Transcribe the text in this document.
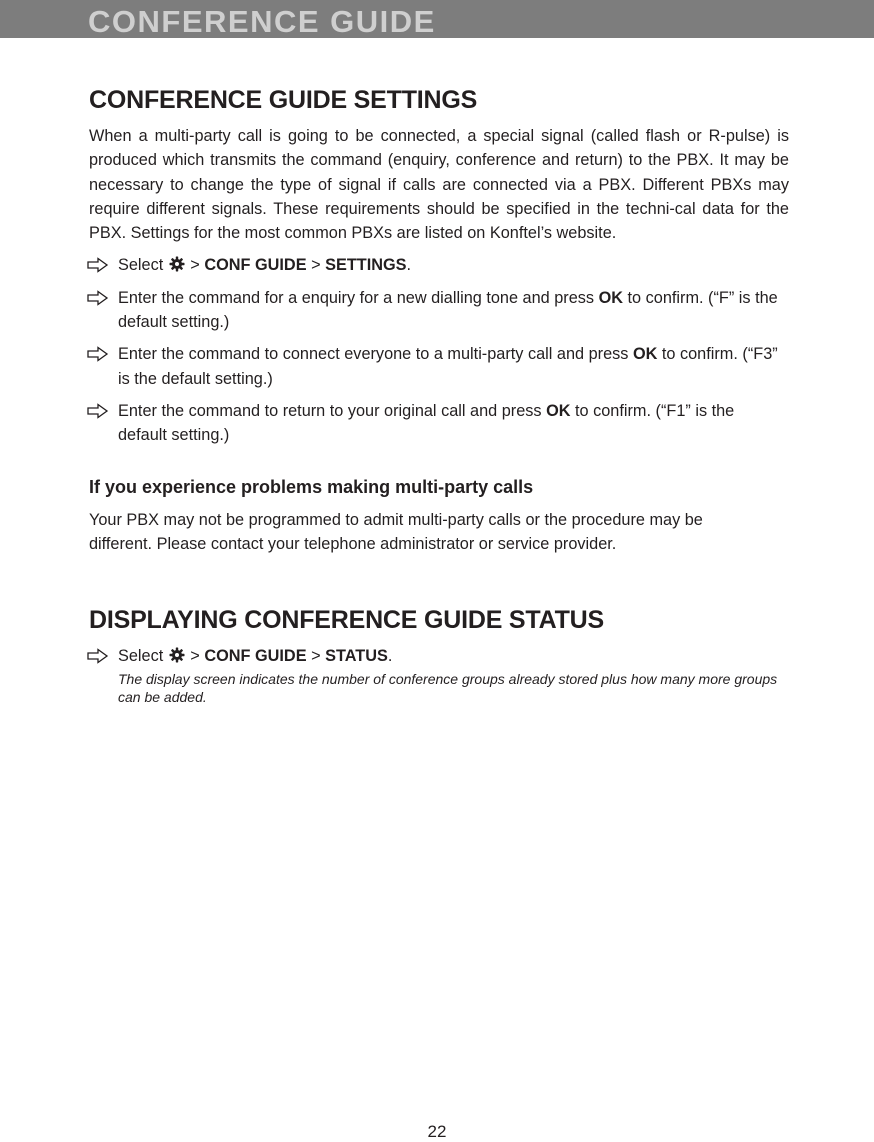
CONFERENCE GUIDE
CONFERENCE GUIDE SETTINGS

When a multi-party call is going to be connected, a special signal (called flash or R-pulse) is produced which transmits the command (enquiry, conference and return) to the PBX. It may be necessary to change the type of signal if calls are connected via a PBX. Different PBXs may require different signals. These requirements should be specified in the techni-cal data for the PBX. Settings for the most common PBXs are listed on Konftel’s website.

Select  > CONF GUIDE > SETTINGS.
Enter the command for a enquiry for a new dialling tone and press OK to confirm. (“F” is the default setting.)
Enter the command to connect everyone to a multi-party call and press OK to confirm. (“F3” is the default setting.)
Enter the command to return to your original call and press OK to confirm. (“F1” is the default setting.)
If you experience problems making multi-party calls

Your PBX may not be programmed to admit multi-party calls or the procedure may be different. Please contact your telephone administrator or service provider.

DISPLAYING CONFERENCE GUIDE STATUS
Select  > CONF GUIDE > STATUS.
The display screen indicates the number of conference groups already stored plus how many more groups can be added.
22
